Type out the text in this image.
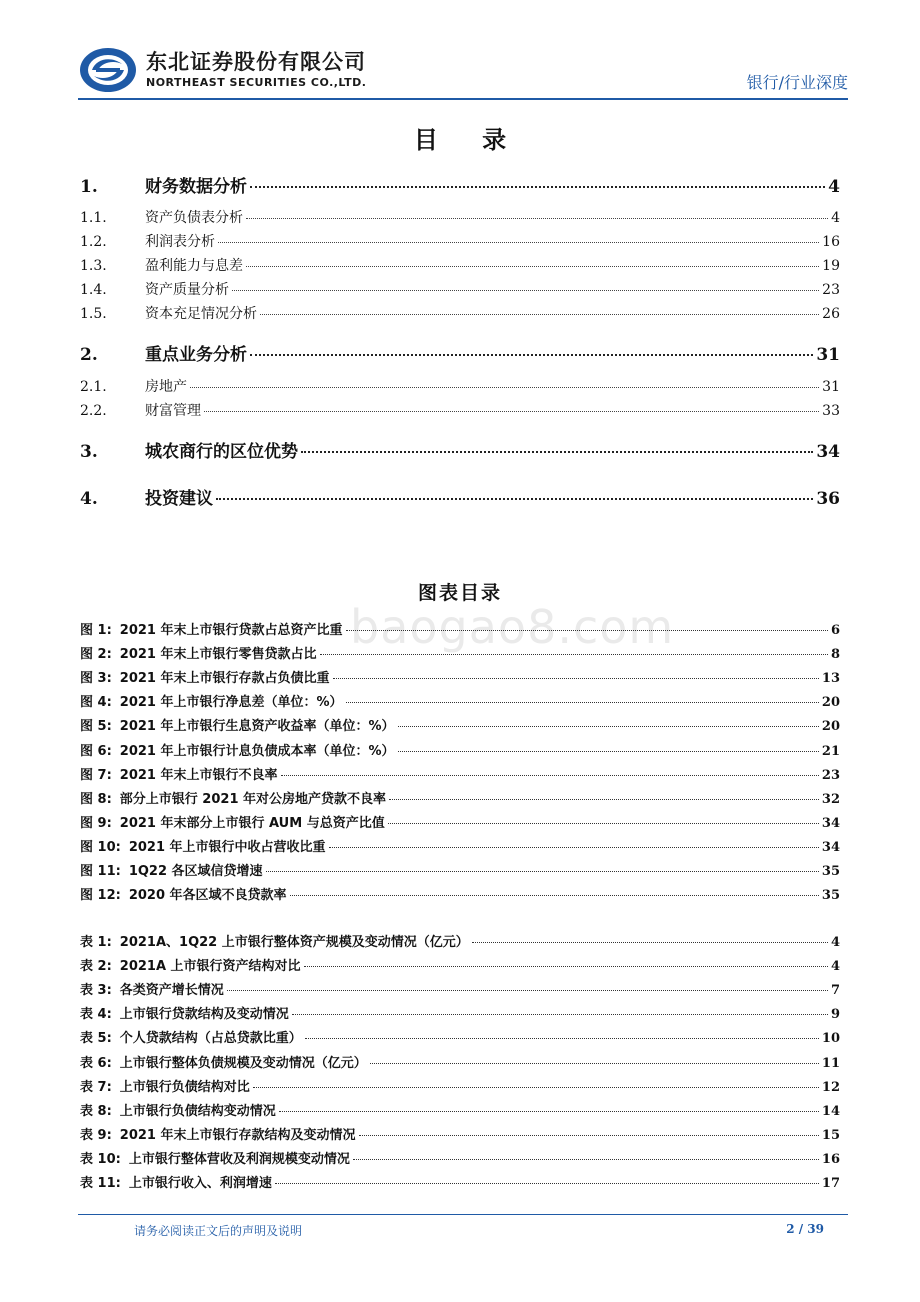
东北证券股份有限公司
NORTHEAST SECURITIES CO.,LTD.	银行/行业深度
目 录
1.	财务数据分析	4
1.1.	资产负债表分析	4
1.2.	利润表分析	16
1.3.	盈利能力与息差	19
1.4.	资产质量分析	23
1.5.	资本充足情况分析	26
2.	重点业务分析	31
2.1.	房地产	31
2.2.	财富管理	33
3.	城农商行的区位优势	34
4.	投资建议	36
图表目录
baogao8.com
图 1: 2021 年末上市银行贷款占总资产比重	6
图 2: 2021 年末上市银行零售贷款占比	8
图 3: 2021 年末上市银行存款占负债比重	13
图 4: 2021 年上市银行净息差（单位：%）	20
图 5: 2021 年上市银行生息资产收益率（单位：%）	20
图 6: 2021 年上市银行计息负债成本率（单位：%）	21
图 7: 2021 年末上市银行不良率	23
图 8: 部分上市银行 2021 年对公房地产贷款不良率	32
图 9: 2021 年末部分上市银行 AUM 与总资产比值	34
图 10: 2021 年上市银行中收占营收比重	34
图 11: 1Q22 各区域信贷增速	35
图 12: 2020 年各区域不良贷款率	35
表 1: 2021A、1Q22 上市银行整体资产规模及变动情况（亿元）	4
表 2: 2021A 上市银行资产结构对比	4
表 3: 各类资产增长情况	7
表 4: 上市银行贷款结构及变动情况	9
表 5: 个人贷款结构（占总贷款比重）	10
表 6: 上市银行整体负债规模及变动情况（亿元）	11
表 7: 上市银行负债结构对比	12
表 8: 上市银行负债结构变动情况	14
表 9: 2021 年末上市银行存款结构及变动情况	15
表 10: 上市银行整体营收及利润规模变动情况	16
表 11: 上市银行收入、利润增速	17
请务必阅读正文后的声明及说明	2 / 39
